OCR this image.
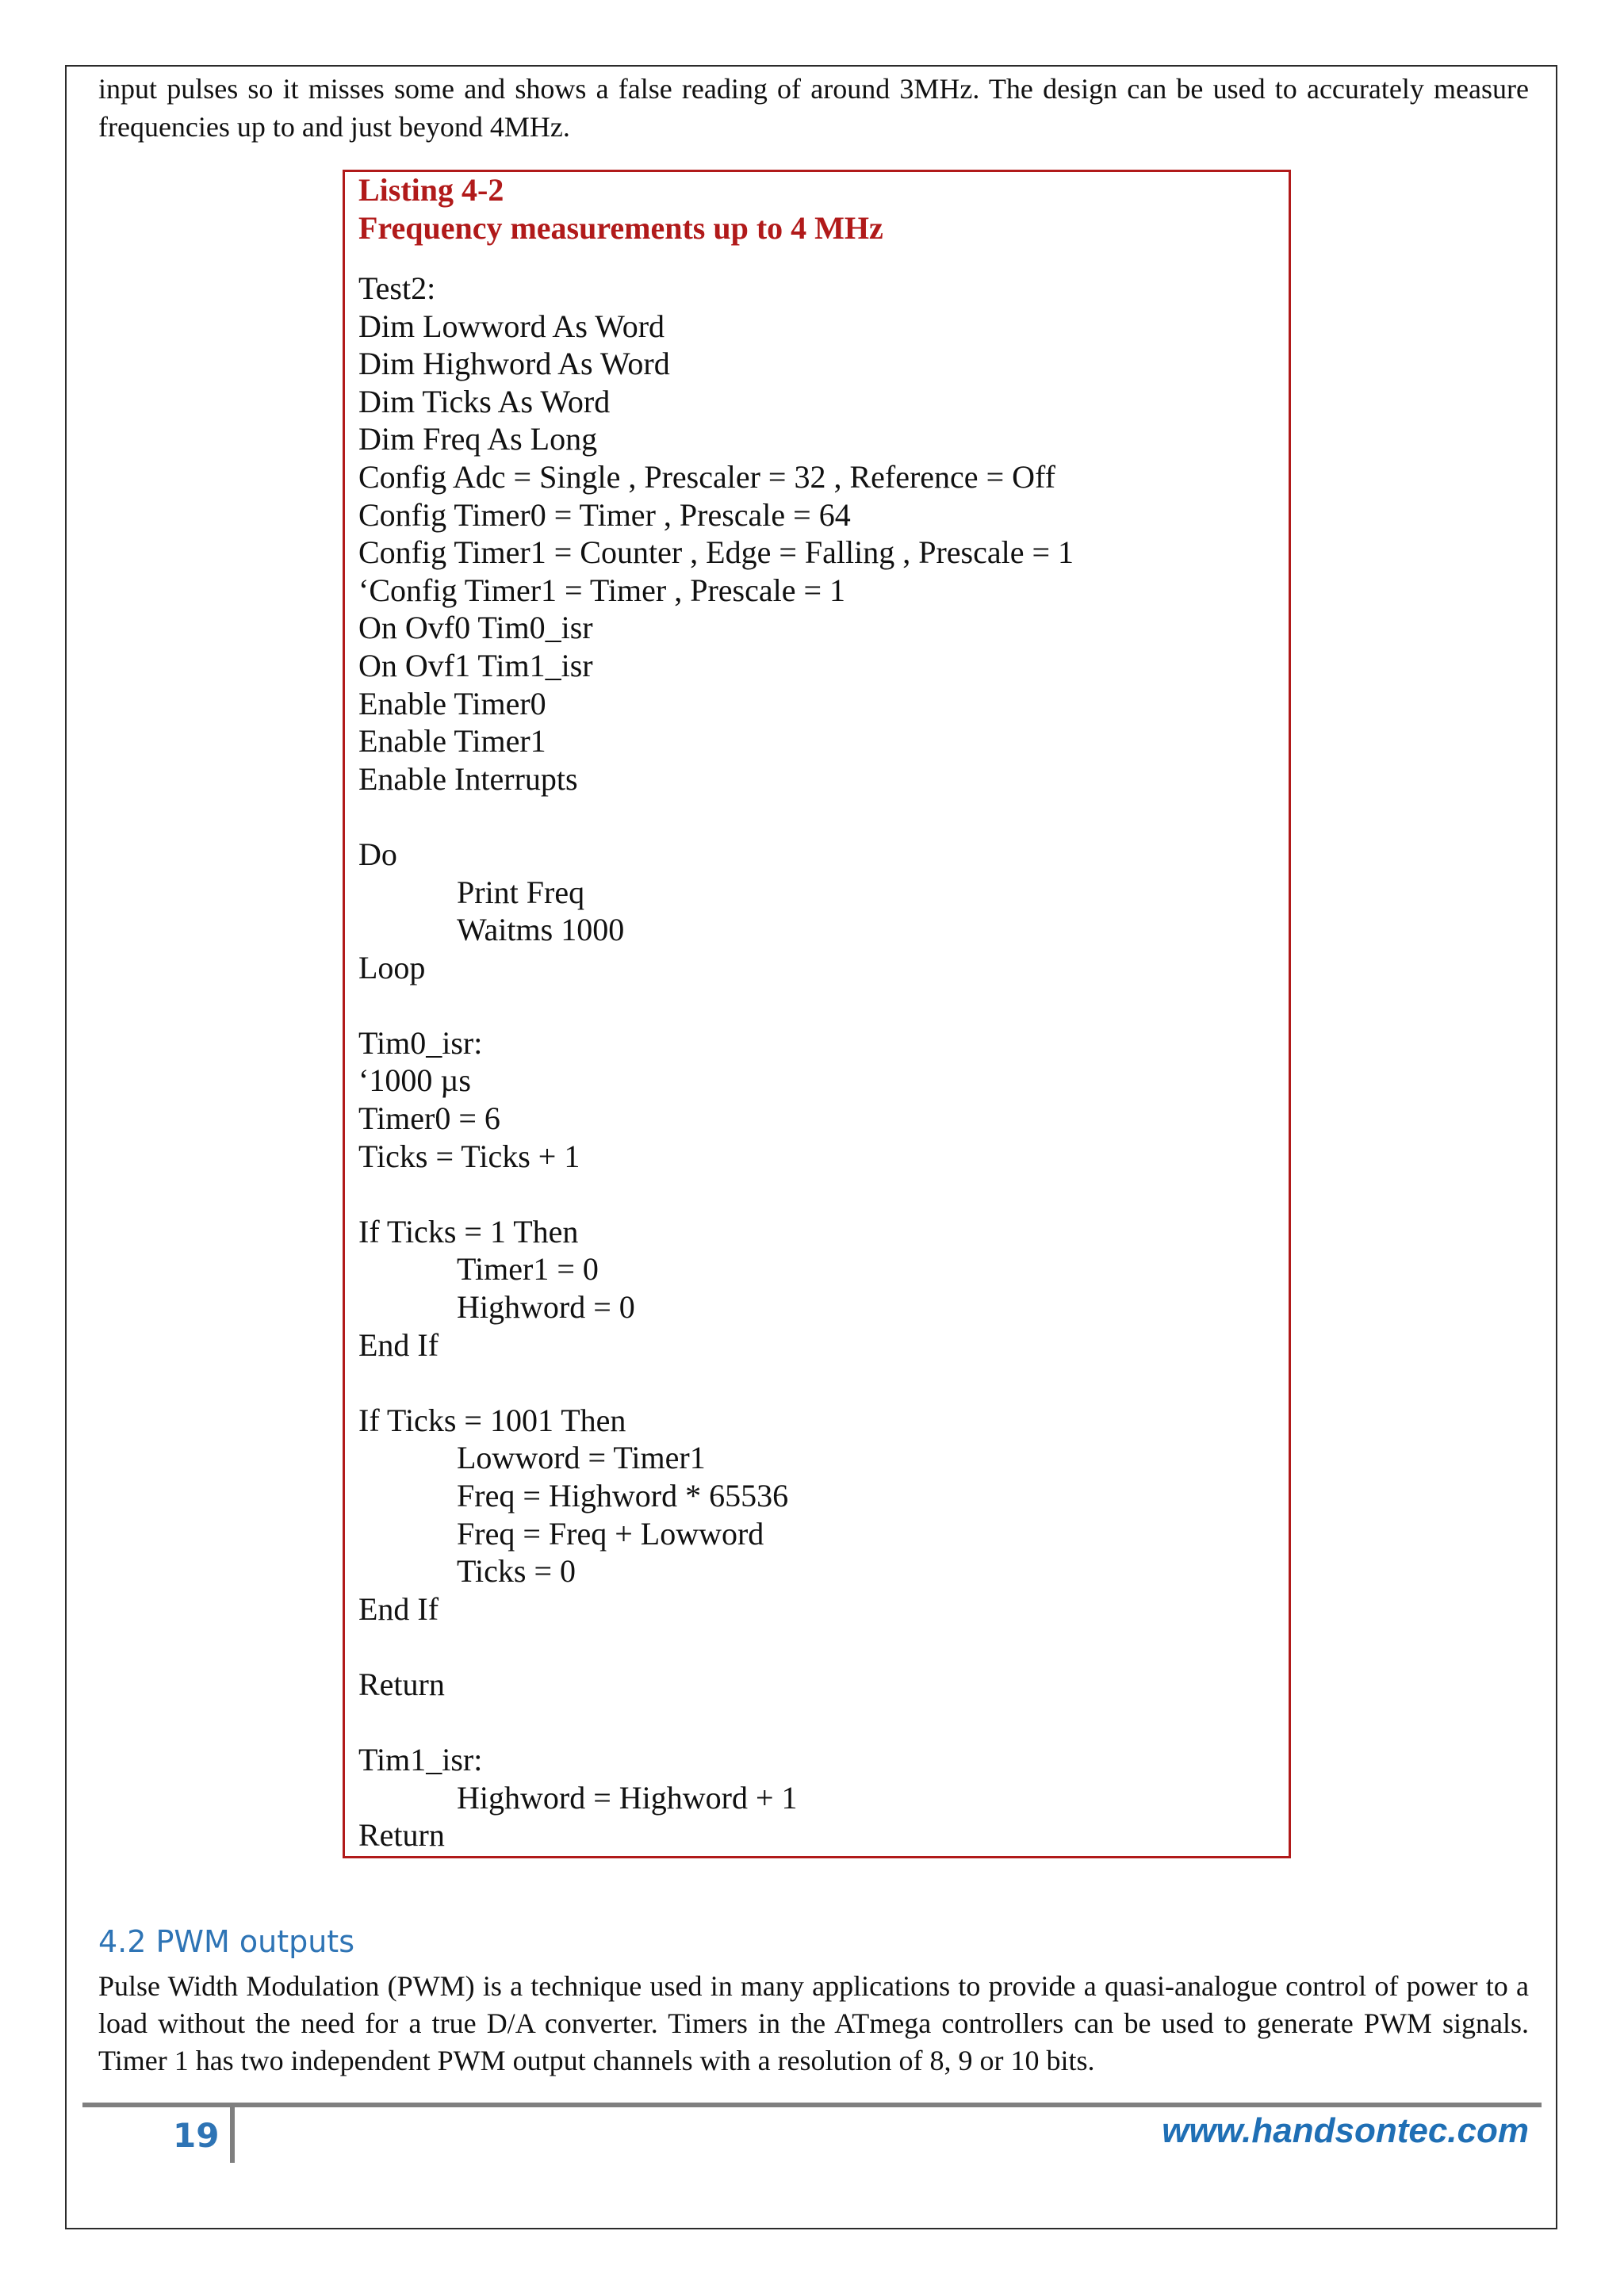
input pulses so it misses some and shows a false reading of around 3MHz. The design can be used to accurately measure frequencies up to and just beyond 4MHz.

Listing 4-2
Frequency measurements up to 4 MHz
Test2:
Dim Lowword As Word
Dim Highword As Word
Dim Ticks As Word
Dim Freq As Long
Config Adc = Single , Prescaler = 32 , Reference = Off
Config Timer0 = Timer , Prescale = 64
Config Timer1 = Counter , Edge = Falling , Prescale = 1
‘Config Timer1 = Timer , Prescale = 1
On Ovf0 Tim0_isr
On Ovf1 Tim1_isr
Enable Timer0
Enable Timer1
Enable Interrupts
Do
Print Freq
Waitms 1000
Loop
Tim0_isr:
‘1000 µs
Timer0 = 6
Ticks = Ticks + 1
If Ticks = 1 Then
Timer1 = 0
Highword = 0
End If
If Ticks = 1001 Then
Lowword = Timer1
Freq = Highword * 65536
Freq = Freq + Lowword
Ticks = 0
End If
Return
Tim1_isr:
Highword = Highword + 1
Return
4.2 PWM outputs

Pulse Width Modulation (PWM) is a technique used in many applications to provide a quasi-analogue control of power to a load without the need for a true D/A converter. Timers in the ATmega controllers can be used to generate PWM signals. Timer 1 has two independent PWM output channels with a resolution of 8, 9 or 10 bits.

19	www.handsontec.com
